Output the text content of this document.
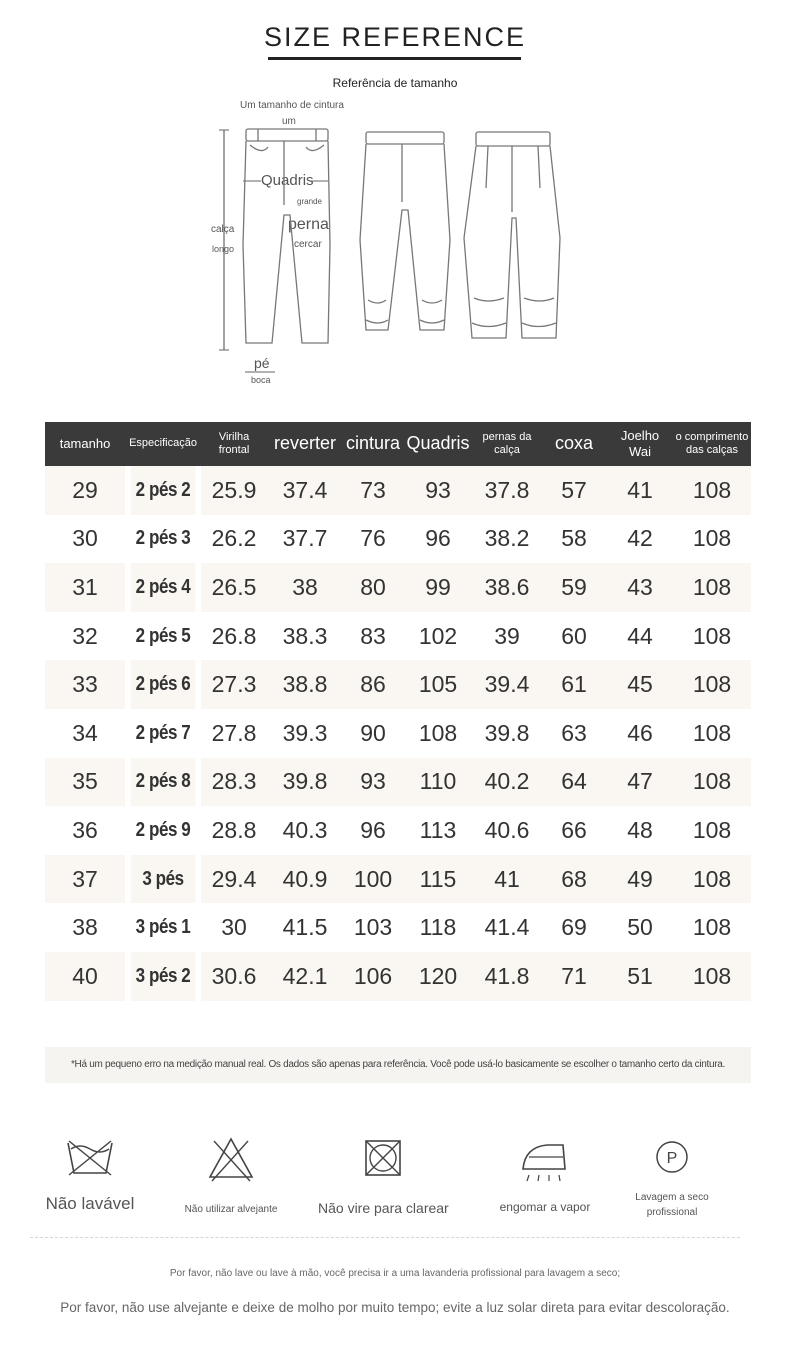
SIZE REFERENCE
Referência de tamanho
Um tamanho de cintura
um
Quadris
grande
perna
cercar
calça
longo
pé
boca
tamanho	Especificação	Virilha frontal	reverter	cintura	Quadris	pernas da calça	coxa	Joelho Wai	o comprimento das calças
29	2 pés 2	25.9	37.4	73	93	37.8	57	41	108
30	2 pés 3	26.2	37.7	76	96	38.2	58	42	108
31	2 pés 4	26.5	38	80	99	38.6	59	43	108
32	2 pés 5	26.8	38.3	83	102	39	60	44	108
33	2 pés 6	27.3	38.8	86	105	39.4	61	45	108
34	2 pés 7	27.8	39.3	90	108	39.8	63	46	108
35	2 pés 8	28.3	39.8	93	110	40.2	64	47	108
36	2 pés 9	28.8	40.3	96	113	40.6	66	48	108
37	3 pés	29.4	40.9	100	115	41	68	49	108
38	3 pés 1	30	41.5	103	118	41.4	69	50	108
40	3 pés 2	30.6	42.1	106	120	41.8	71	51	108
*Há um pequeno erro na medição manual real. Os dados são apenas para referência. Você pode usá-lo basicamente se escolher o tamanho certo da cintura.
Não lavável	Não utilizar alvejante	Não vire para clarear	engomar a vapor
P
Lavagem a seco profissional
Por favor, não lave ou lave à mão, você precisa ir a uma lavanderia profissional para lavagem a seco;
Por favor, não use alvejante e deixe de molho por muito tempo; evite a luz solar direta para evitar descoloração.
